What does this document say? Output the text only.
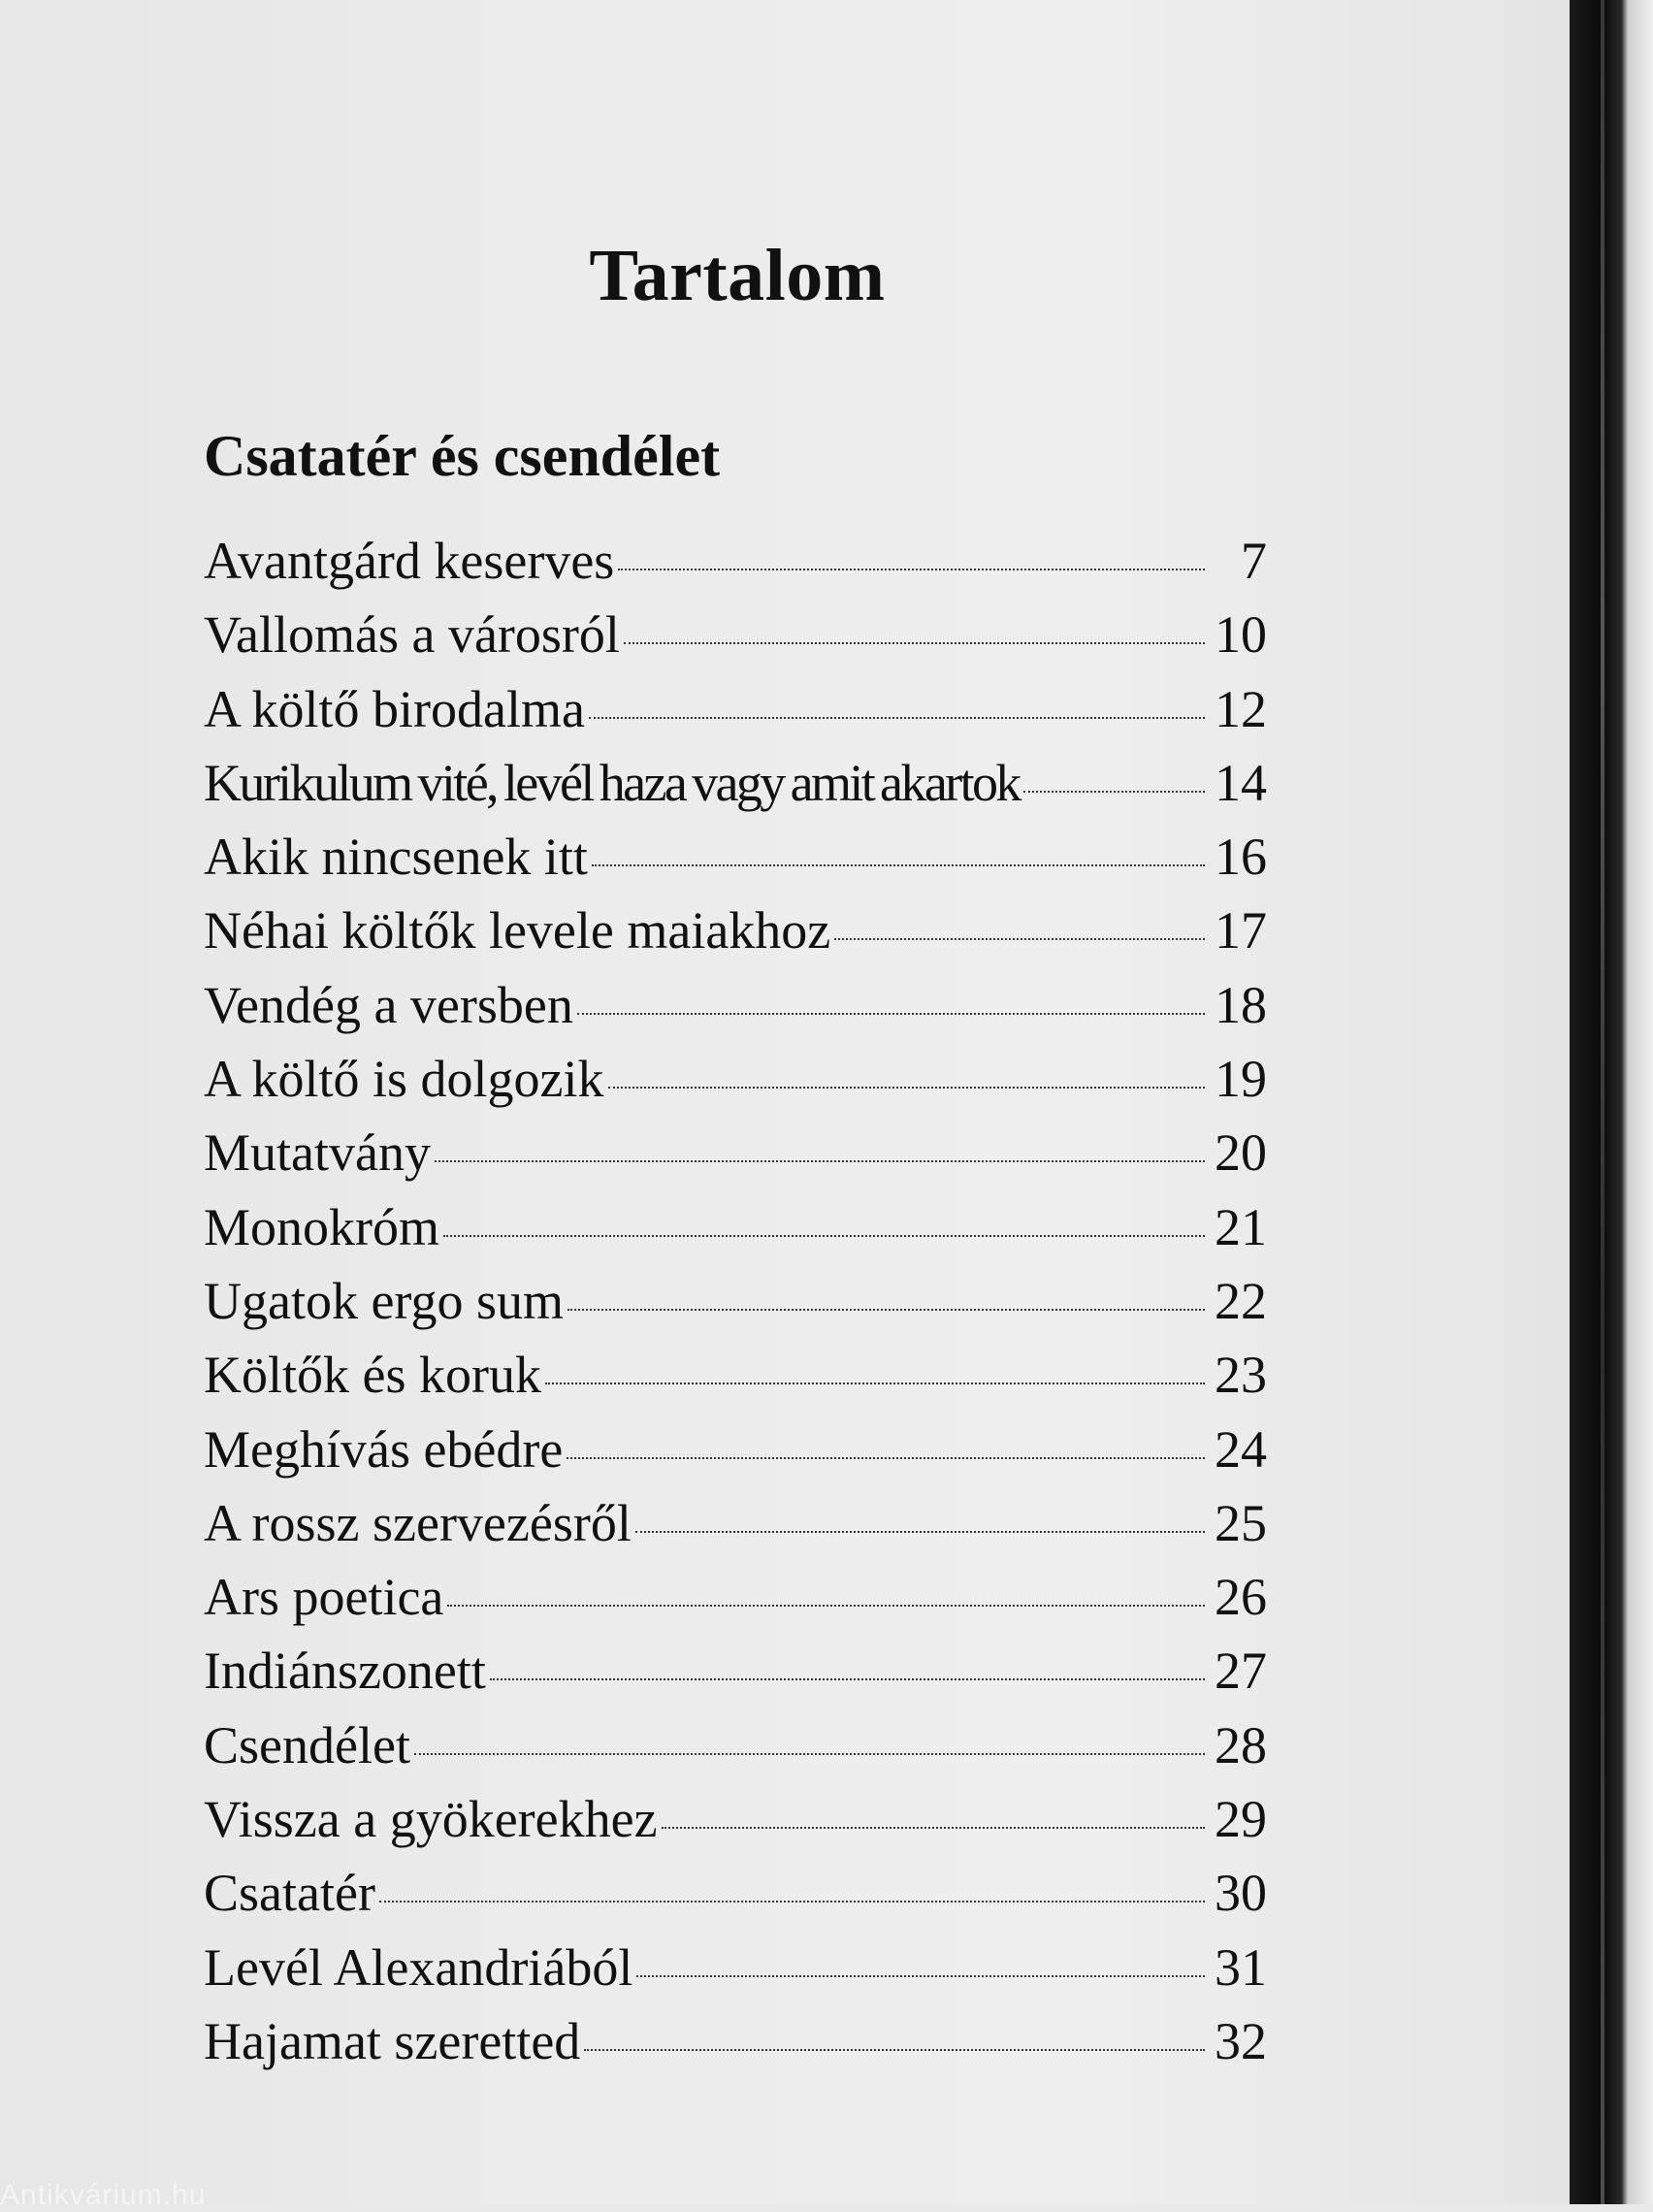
Tartalom
Csatatér és csendélet
Avantgárd keserves	7
Vallomás a városról	10
A költő birodalma	12
Kurikulum vité, levél haza vagy amit akartok	14
Akik nincsenek itt	16
Néhai költők levele maiakhoz	17
Vendég a versben	18
A költő is dolgozik	19
Mutatvány	20
Monokróm	21
Ugatok ergo sum	22
Költők és koruk	23
Meghívás ebédre	24
A rossz szervezésről	25
Ars poetica	26
Indiánszonett	27
Csendélet	28
Vissza a gyökerekhez	29
Csatatér	30
Levél Alexandriából	31
Hajamat szeretted	32
Antikvárium.hu
